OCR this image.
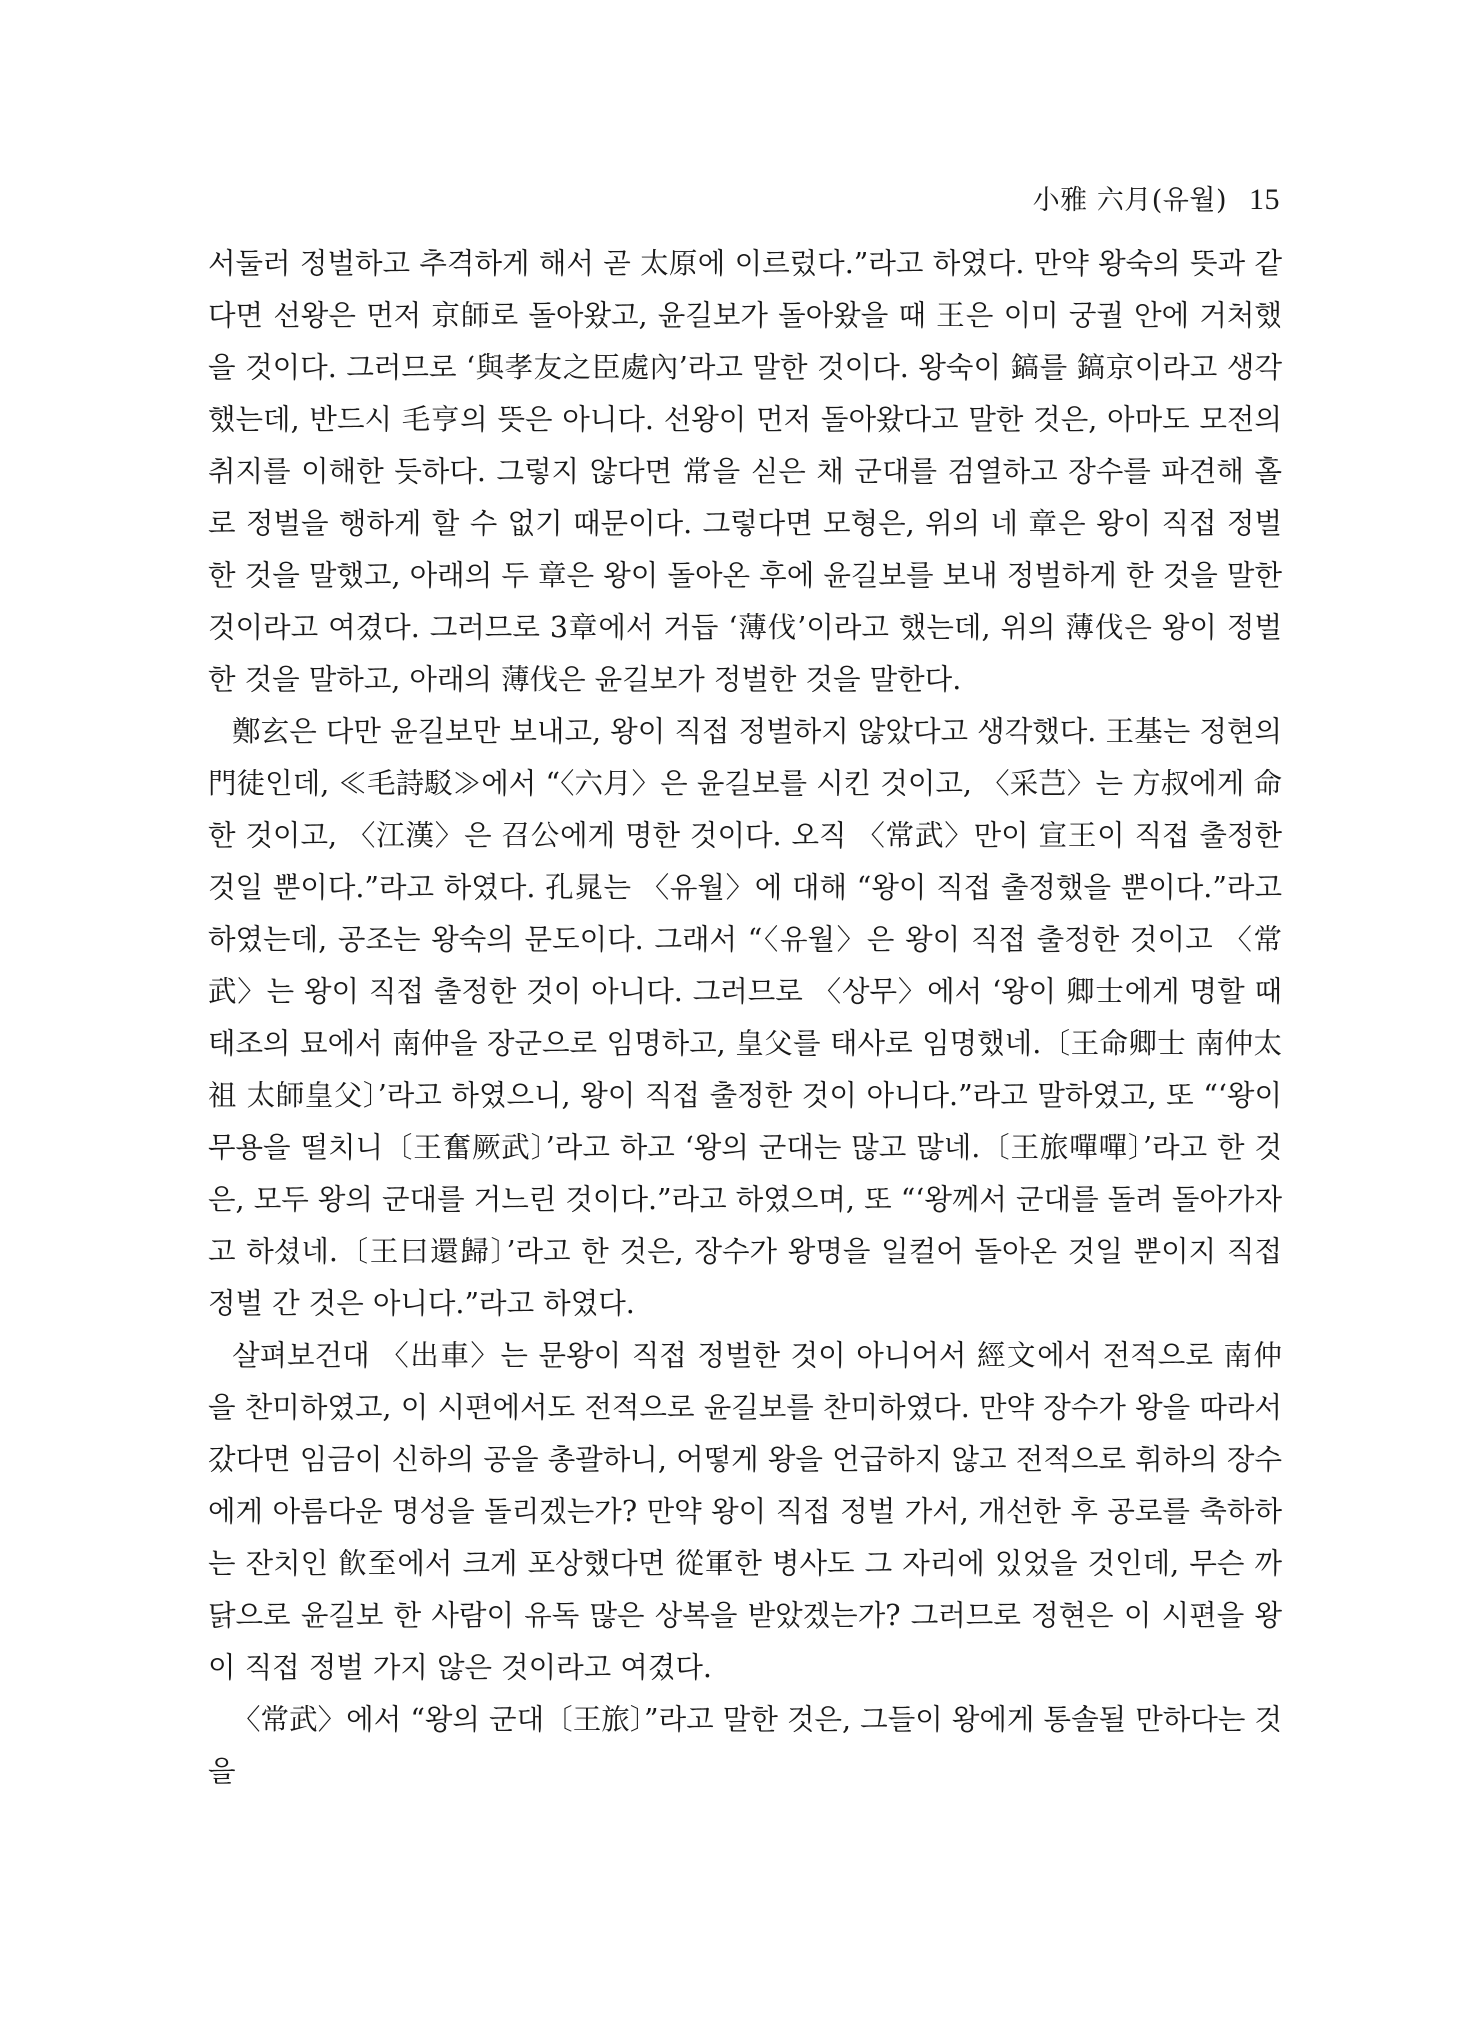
小雅 六月(유월) 15

서둘러 정벌하고 추격하게 해서 곧 太原에 이르렀다.”라고 하였다. 만약 왕숙의 뜻과 같다면 선왕은 먼저 京師로 돌아왔고, 윤길보가 돌아왔을 때 王은 이미 궁궐 안에 거처했을 것이다. 그러므로 ‘與孝友之臣處內’라고 말한 것이다. 왕숙이 鎬를 鎬京이라고 생각했는데, 반드시 毛亨의 뜻은 아니다. 선왕이 먼저 돌아왔다고 말한 것은, 아마도 모전의 취지를 이해한 듯하다. 그렇지 않다면 常을 싣은 채 군대를 검열하고 장수를 파견해 홀로 정벌을 행하게 할 수 없기 때문이다. 그렇다면 모형은, 위의 네 章은 왕이 직접 정벌한 것을 말했고, 아래의 두 章은 왕이 돌아온 후에 윤길보를 보내 정벌하게 한 것을 말한 것이라고 여겼다. 그러므로 3章에서 거듭 ‘薄伐’이라고 했는데, 위의 薄伐은 왕이 정벌한 것을 말하고, 아래의 薄伐은 윤길보가 정벌한 것을 말한다.

鄭玄은 다만 윤길보만 보내고, 왕이 직접 정벌하지 않았다고 생각했다. 王基는 정현의 門徒인데, ≪毛詩駁≫에서 “〈六月〉은 윤길보를 시킨 것이고, 〈采芑〉는 方叔에게 命한 것이고, 〈江漢〉은 召公에게 명한 것이다. 오직 〈常武〉만이 宣王이 직접 출정한 것일 뿐이다.”라고 하였다. 孔晁는 〈유월〉에 대해 “왕이 직접 출정했을 뿐이다.”라고 하였는데, 공조는 왕숙의 문도이다. 그래서 “〈유월〉은 왕이 직접 출정한 것이고 〈常武〉는 왕이 직접 출정한 것이 아니다. 그러므로 〈상무〉에서 ‘왕이 卿士에게 명할 때 태조의 묘에서 南仲을 장군으로 임명하고, 皇父를 태사로 임명했네.〔王命卿士 南仲太祖 太師皇父〕’라고 하였으니, 왕이 직접 출정한 것이 아니다.”라고 말하였고, 또 “‘왕이 무용을 떨치니〔王奮厥武〕’라고 하고 ‘왕의 군대는 많고 많네.〔王旅嘽嘽〕’라고 한 것은, 모두 왕의 군대를 거느린 것이다.”라고 하였으며, 또 “‘왕께서 군대를 돌려 돌아가자고 하셨네.〔王曰還歸〕’라고 한 것은, 장수가 왕명을 일컬어 돌아온 것일 뿐이지 직접 정벌 간 것은 아니다.”라고 하였다.

살펴보건대 〈出車〉는 문왕이 직접 정벌한 것이 아니어서 經文에서 전적으로 南仲을 찬미하였고, 이 시편에서도 전적으로 윤길보를 찬미하였다. 만약 장수가 왕을 따라서 갔다면 임금이 신하의 공을 총괄하니, 어떻게 왕을 언급하지 않고 전적으로 휘하의 장수에게 아름다운 명성을 돌리겠는가? 만약 왕이 직접 정벌 가서, 개선한 후 공로를 축하하는 잔치인 飮至에서 크게 포상했다면 從軍한 병사도 그 자리에 있었을 것인데, 무슨 까닭으로 윤길보 한 사람이 유독 많은 상복을 받았겠는가? 그러므로 정현은 이 시편을 왕이 직접 정벌 가지 않은 것이라고 여겼다.

〈常武〉에서 “왕의 군대〔王旅〕”라고 말한 것은, 그들이 왕에게 통솔될 만하다는 것을
